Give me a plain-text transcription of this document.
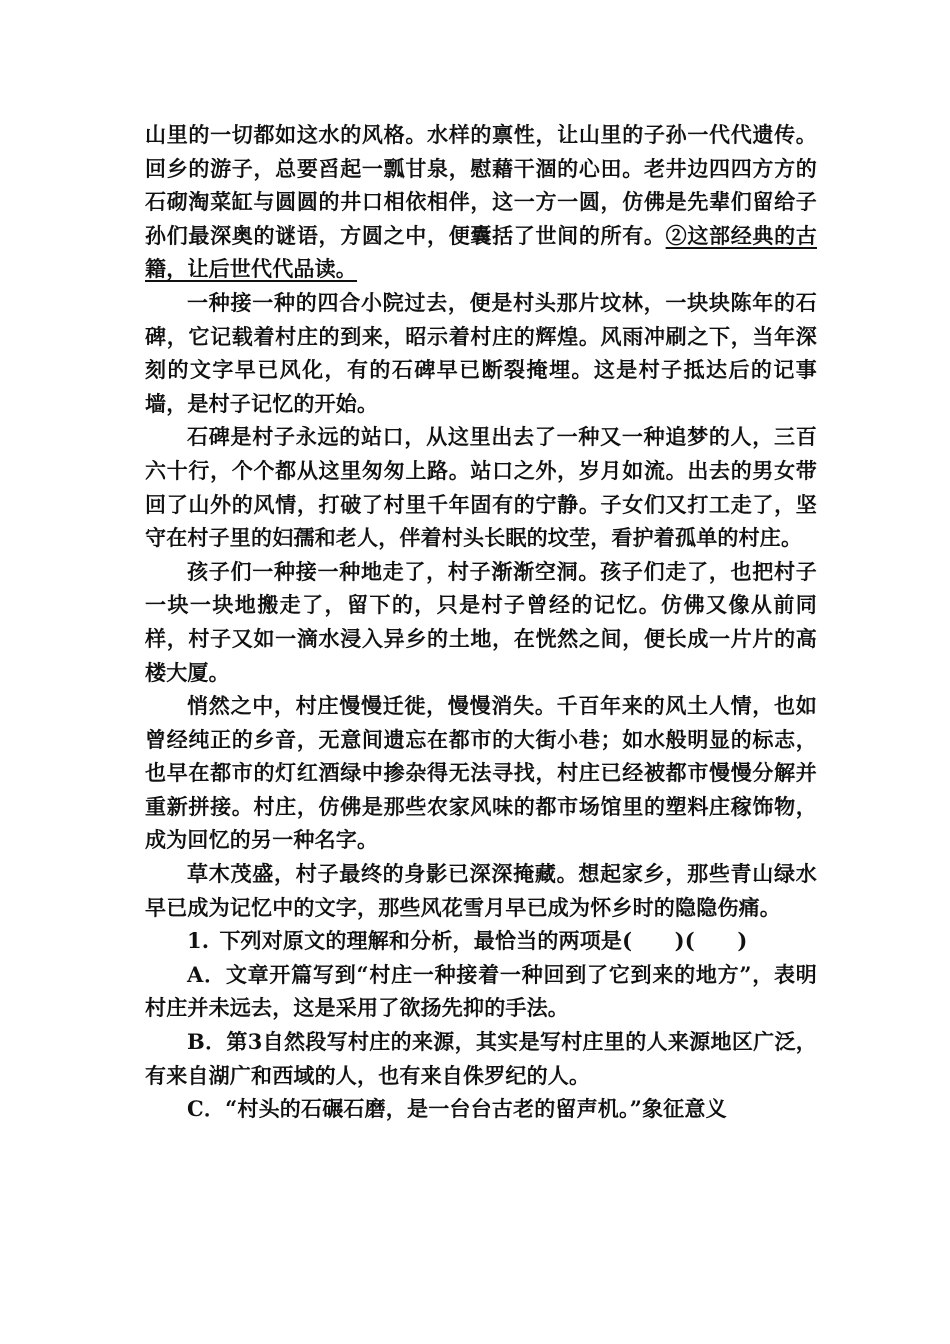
山里的一切都如这水的风格。水样的禀性，让山里的子孙一代代遗传。回乡的游子，总要舀起一瓢甘泉，慰藉干涸的心田。老井边四四方方的石砌淘菜缸与圆圆的井口相依相伴，这一方一圆，仿佛是先辈们留给子孙们最深奥的谜语，方圆之中，便囊括了世间的所有。②这部经典的古籍，让后世代代品读。

一种接一种的四合小院过去，便是村头那片坟林，一块块陈年的石碑，它记载着村庄的到来，昭示着村庄的辉煌。风雨冲刷之下，当年深刻的文字早已风化，有的石碑早已断裂掩埋。这是村子抵达后的记事墙，是村子记忆的开始。

石碑是村子永远的站口，从这里出去了一种又一种追梦的人，三百六十行，个个都从这里匆匆上路。站口之外，岁月如流。出去的男女带回了山外的风情，打破了村里千年固有的宁静。子女们又打工走了，坚守在村子里的妇孺和老人，伴着村头长眠的坟茔，看护着孤单的村庄。

孩子们一种接一种地走了，村子渐渐空洞。孩子们走了，也把村子一块一块地搬走了，留下的，只是村子曾经的记忆。仿佛又像从前同样，村子又如一滴水浸入异乡的土地，在恍然之间，便长成一片片的高楼大厦。

悄然之中，村庄慢慢迁徙，慢慢消失。千百年来的风土人情，也如曾经纯正的乡音，无意间遗忘在都市的大街小巷；如水般明显的标志，也早在都市的灯红酒绿中掺杂得无法寻找，村庄已经被都市慢慢分解并重新拼接。村庄，仿佛是那些农家风味的都市场馆里的塑料庄稼饰物，成为回忆的另一种名字。

草木茂盛，村子最终的身影已深深掩藏。想起家乡，那些青山绿水早已成为记忆中的文字，那些风花雪月早已成为怀乡时的隐隐伤痛。

1. 下列对原文的理解和分析，最恰当的两项是(　　)(　　)

A．文章开篇写到“村庄一种接着一种回到了它到来的地方”，表明村庄并未远去，这是采用了欲扬先抑的手法。

B．第3自然段写村庄的来源，其实是写村庄里的人来源地区广泛，有来自湖广和西域的人，也有来自侏罗纪的人。

C．“村头的石碾石磨，是一台台古老的留声机。”象征意义
